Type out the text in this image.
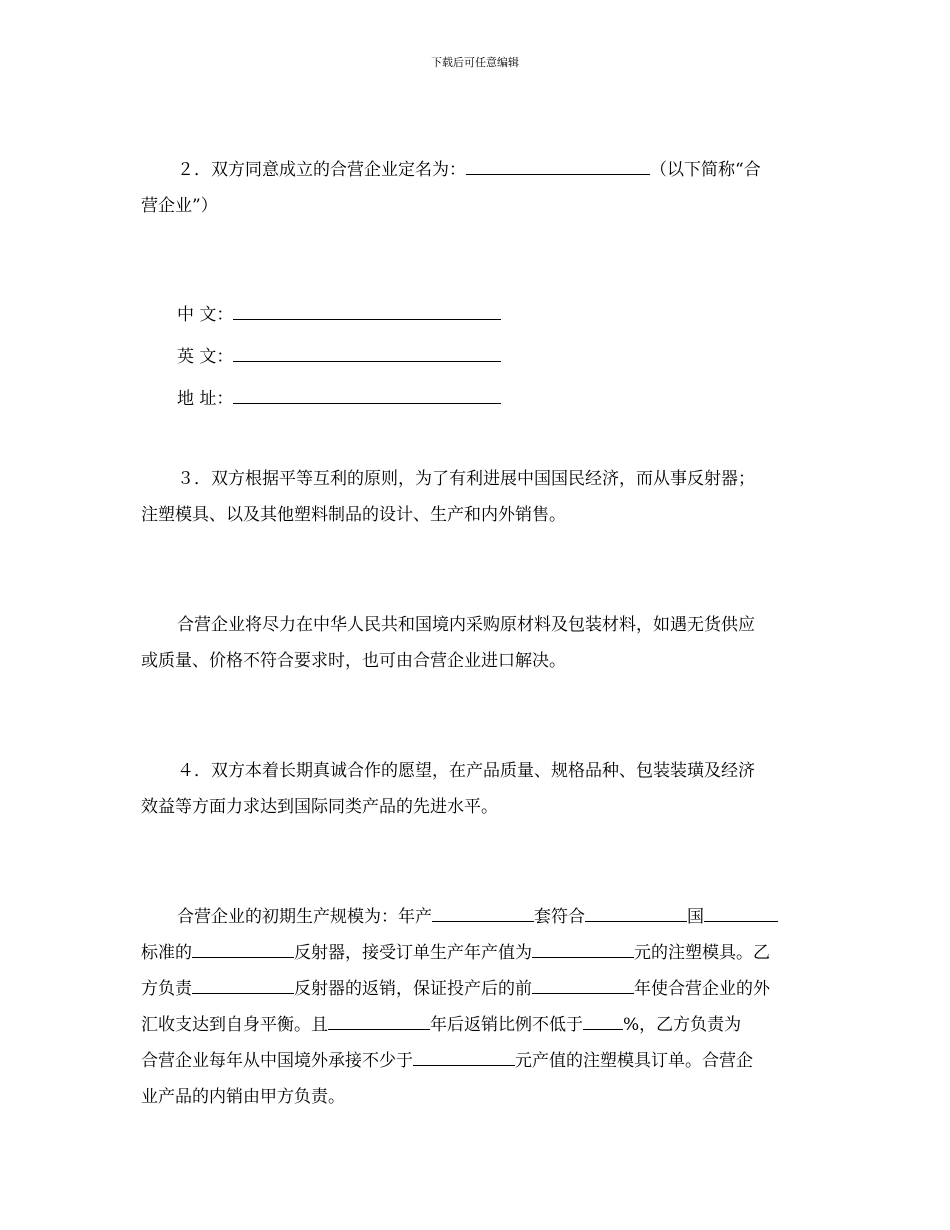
下载后可任意编辑
２．双方同意成立的合营企业定名为：	（以下简称“合
营企业”）
中 文：
英 文：
地 址：
３．双方根据平等互利的原则，为了有利进展中国国民经济，而从事反射器；
注塑模具、以及其他塑料制品的设计、生产和内外销售。
合营企业将尽力在中华人民共和国境内采购原材料及包装材料，如遇无货供应
或质量、价格不符合要求时，也可由合营企业进口解决。
４．双方本着长期真诚合作的愿望，在产品质量、规格品种、包装装璜及经济
效益等方面力求达到国际同类产品的先进水平。
合营企业的初期生产规模为：年产	套符合	国
标准的	反射器，接受订单生产年产值为	元的注塑模具。乙
方负责	反射器的返销，保证投产后的前	年使合营企业的外
汇收支达到自身平衡。且	年后返销比例不低于 %，乙方负责为
合营企业每年从中国境外承接不少于	元产值的注塑模具订单。合营企
业产品的内销由甲方负责。
